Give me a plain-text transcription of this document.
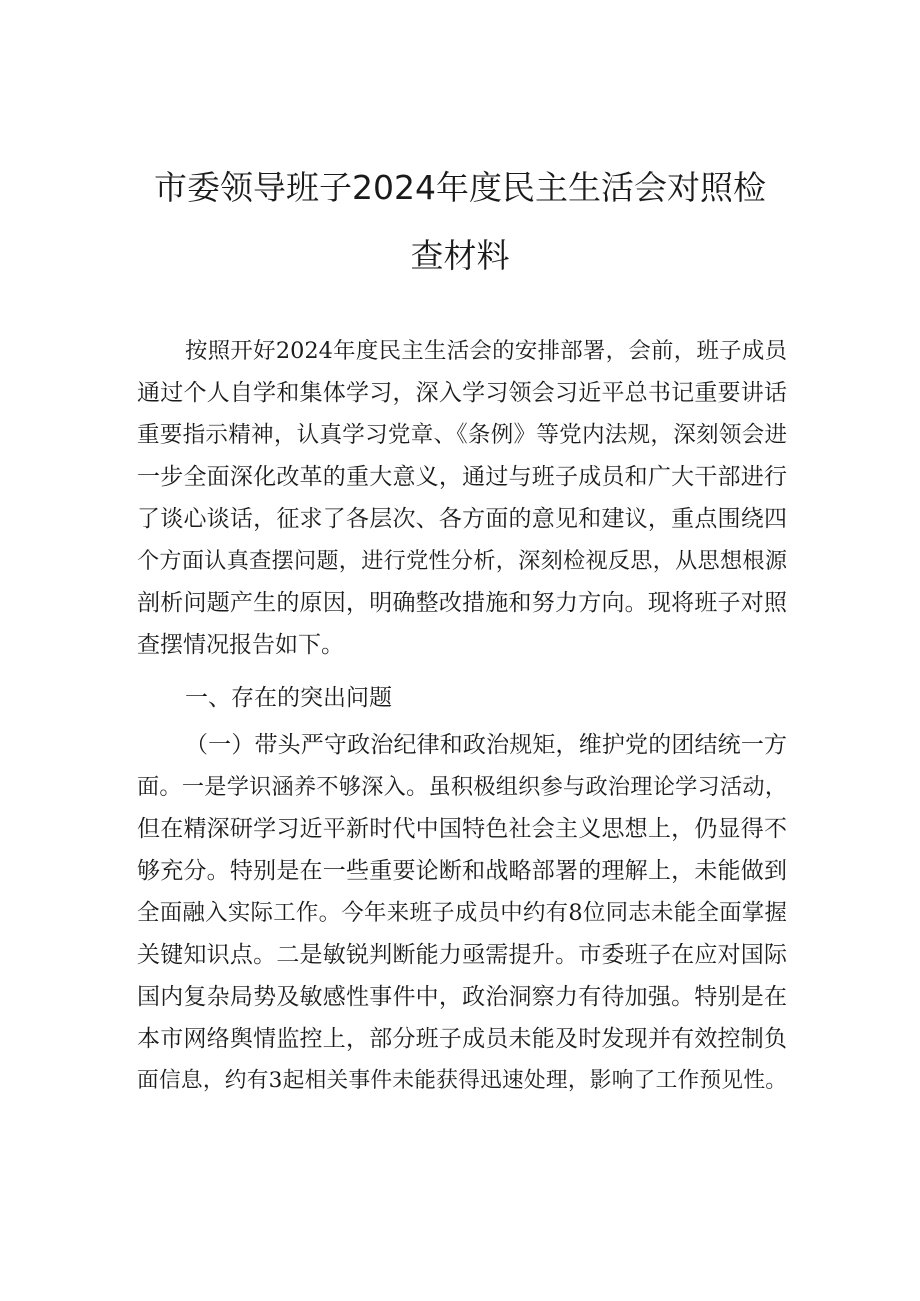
市委领导班子2024年度民主生活会对照检
查材料
按照开好2024年度民主生活会的安排部署，会前，班子成员
通过个人自学和集体学习，深入学习领会习近平总书记重要讲话
重要指示精神，认真学习党章、《条例》等党内法规，深刻领会进
一步全面深化改革的重大意义，通过与班子成员和广大干部进行
了谈心谈话，征求了各层次、各方面的意见和建议，重点围绕四
个方面认真查摆问题，进行党性分析，深刻检视反思，从思想根源
剖析问题产生的原因，明确整改措施和努力方向。现将班子对照
查摆情况报告如下。
一、存在的突出问题
（一）带头严守政治纪律和政治规矩，维护党的团结统一方
面。一是学识涵养不够深入。虽积极组织参与政治理论学习活动，
但在精深研学习近平新时代中国特色社会主义思想上，仍显得不
够充分。特别是在一些重要论断和战略部署的理解上，未能做到
全面融入实际工作。今年来班子成员中约有8位同志未能全面掌握
关键知识点。二是敏锐判断能力亟需提升。市委班子在应对国际
国内复杂局势及敏感性事件中，政治洞察力有待加强。特别是在
本市网络舆情监控上，部分班子成员未能及时发现并有效控制负
面信息，约有3起相关事件未能获得迅速处理，影响了工作预见性。
